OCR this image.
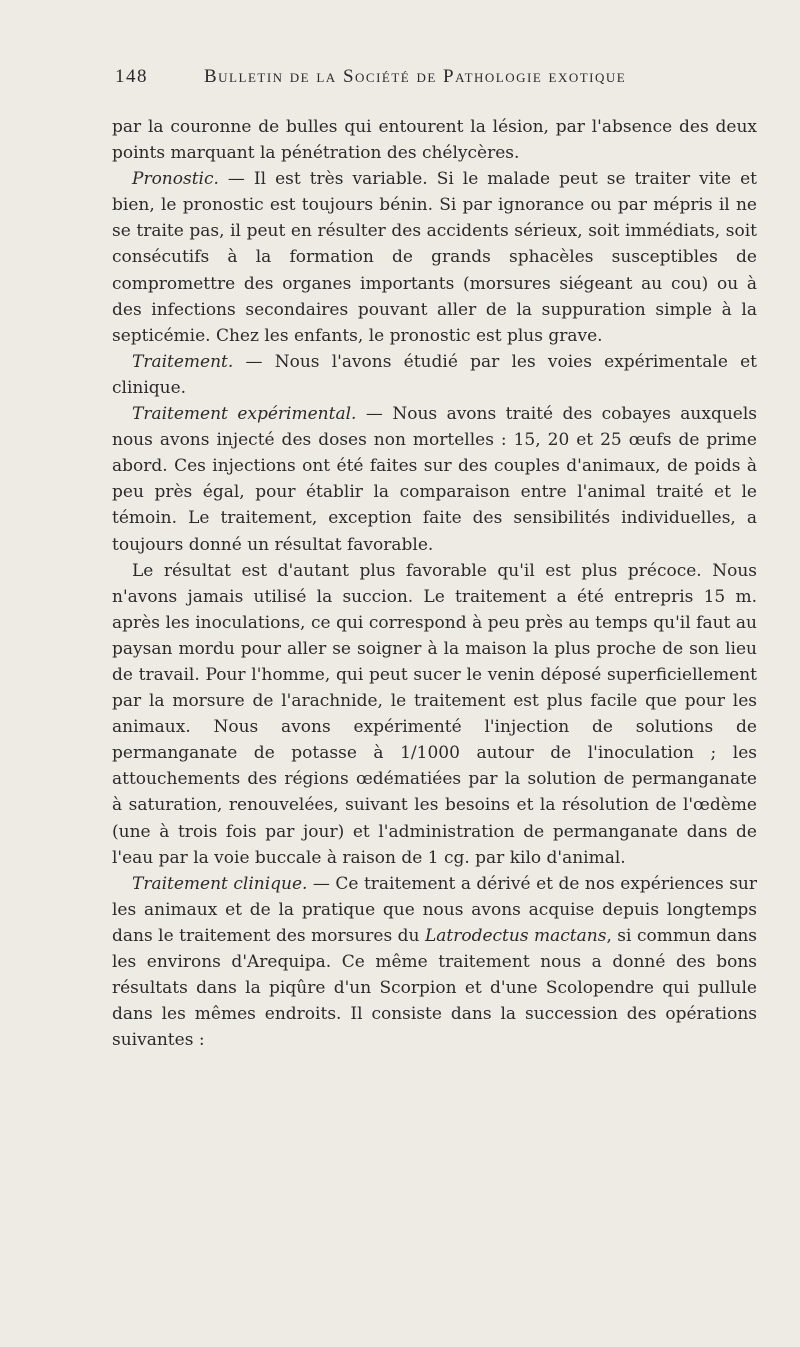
148	Bulletin de la Société de Pathologie exotique

par la couronne de bulles qui entourent la lésion, par l'absence des deux points marquant la pénétration des chélycères.

Pronostic. — Il est très variable. Si le malade peut se traiter vite et bien, le pronostic est toujours bénin. Si par ignorance ou par mépris il ne se traite pas, il peut en résulter des accidents sérieux, soit immédiats, soit consécutifs à la formation de grands sphacèles susceptibles de compromettre des organes importants (morsures siégeant au cou) ou à des infections secondaires pouvant aller de la suppuration simple à la septicémie. Chez les enfants, le pronostic est plus grave.

Traitement. — Nous l'avons étudié par les voies expérimentale et clinique.

Traitement expérimental. — Nous avons traité des cobayes auxquels nous avons injecté des doses non mortelles : 15, 20 et 25 œufs de prime abord. Ces injections ont été faites sur des couples d'animaux, de poids à peu près égal, pour établir la comparaison entre l'animal traité et le témoin. Le traitement, exception faite des sensibilités individuelles, a toujours donné un résultat favorable.

Le résultat est d'autant plus favorable qu'il est plus précoce. Nous n'avons jamais utilisé la succion. Le traitement a été entrepris 15 m. après les inoculations, ce qui correspond à peu près au temps qu'il faut au paysan mordu pour aller se soigner à la maison la plus proche de son lieu de travail. Pour l'homme, qui peut sucer le venin déposé superficiellement par la morsure de l'arachnide, le traitement est plus facile que pour les animaux. Nous avons expérimenté l'injection de solutions de permanganate de potasse à 1/1000 autour de l'inoculation ; les attouchements des régions œdématiées par la solution de permanganate à saturation, renouvelées, suivant les besoins et la résolution de l'œdème (une à trois fois par jour) et l'administration de permanganate dans de l'eau par la voie buccale à raison de 1 cg. par kilo d'animal.

Traitement clinique. — Ce traitement a dérivé et de nos expériences sur les animaux et de la pratique que nous avons acquise depuis longtemps dans le traitement des morsures du Latrodectus mactans, si commun dans les environs d'Arequipa. Ce même traitement nous a donné des bons résultats dans la piqûre d'un Scorpion et d'une Scolopendre qui pullule dans les mêmes endroits. Il consiste dans la succession des opérations suivantes :
